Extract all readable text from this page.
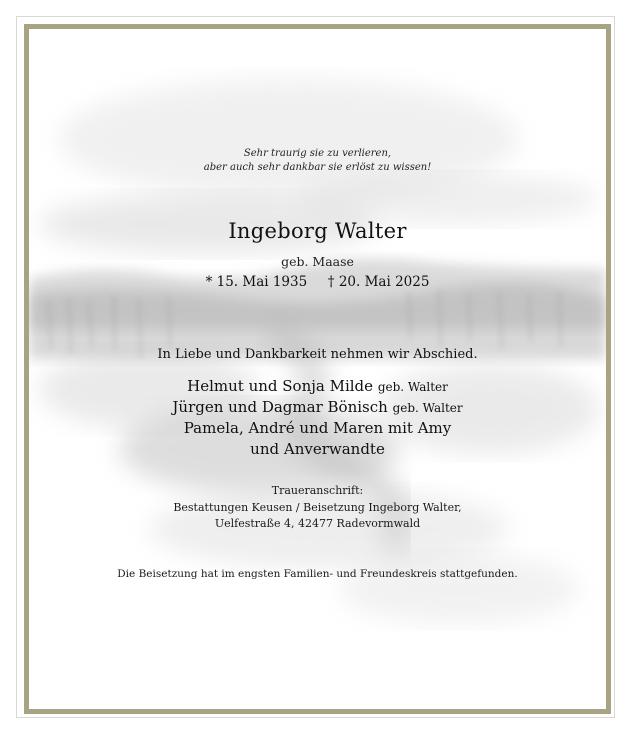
Sehr traurig sie zu verlieren,
aber auch sehr dankbar sie erlöst zu wissen!
Ingeborg Walter
geb. Maase
* 15. Mai 1935 † 20. Mai 2025
In Liebe und Dankbarkeit nehmen wir Abschied.
Helmut und Sonja Milde geb. Walter
Jürgen und Dagmar Bönisch geb. Walter
Pamela, André und Maren mit Amy
und Anverwandte
Traueranschrift:
Bestattungen Keusen / Beisetzung Ingeborg Walter,
Uelfestraße 4, 42477 Radevormwald
Die Beisetzung hat im engsten Familien- und Freundeskreis stattgefunden.
